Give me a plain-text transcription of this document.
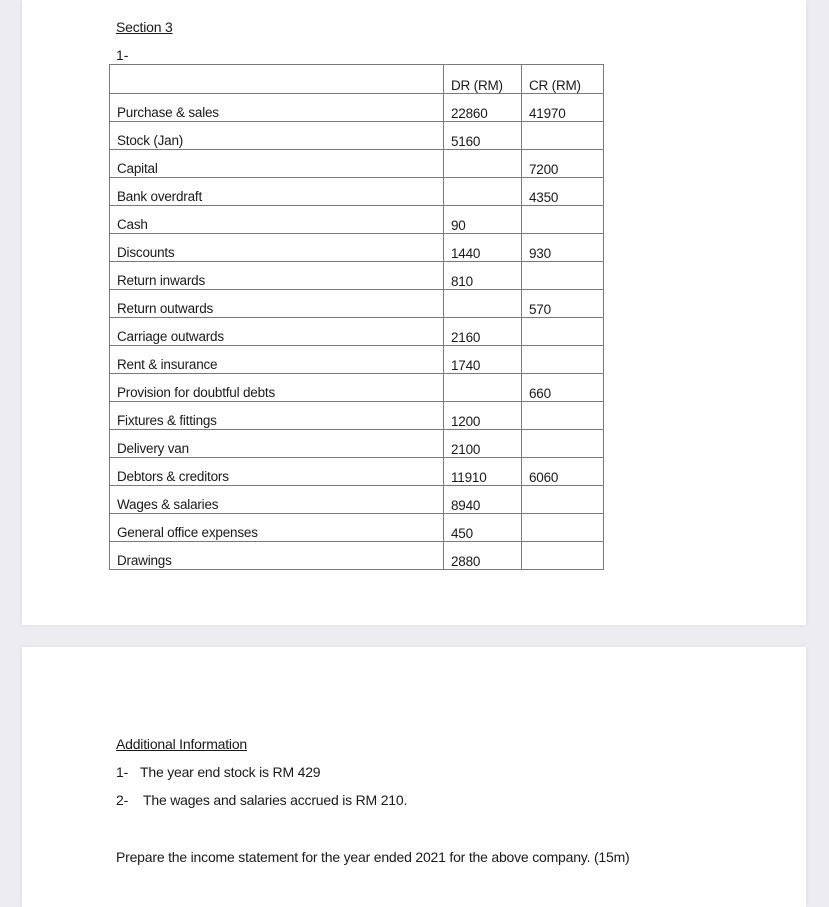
Section 3
1-
	DR (RM)	CR (RM)
Purchase & sales	22860	41970
Stock (Jan)	5160	
Capital		7200
Bank overdraft		4350
Cash	90	
Discounts	1440	930
Return inwards	810	
Return outwards		570
Carriage outwards	2160	
Rent & insurance	1740	
Provision for doubtful debts		660
Fixtures & fittings	1200	
Delivery van	2100	
Debtors & creditors	11910	6060
Wages & salaries	8940	
General office expenses	450	
Drawings	2880	
Additional Information
1- The year end stock is RM 429
2- The wages and salaries accrued is RM 210.
Prepare the income statement for the year ended 2021 for the above company. (15m)
